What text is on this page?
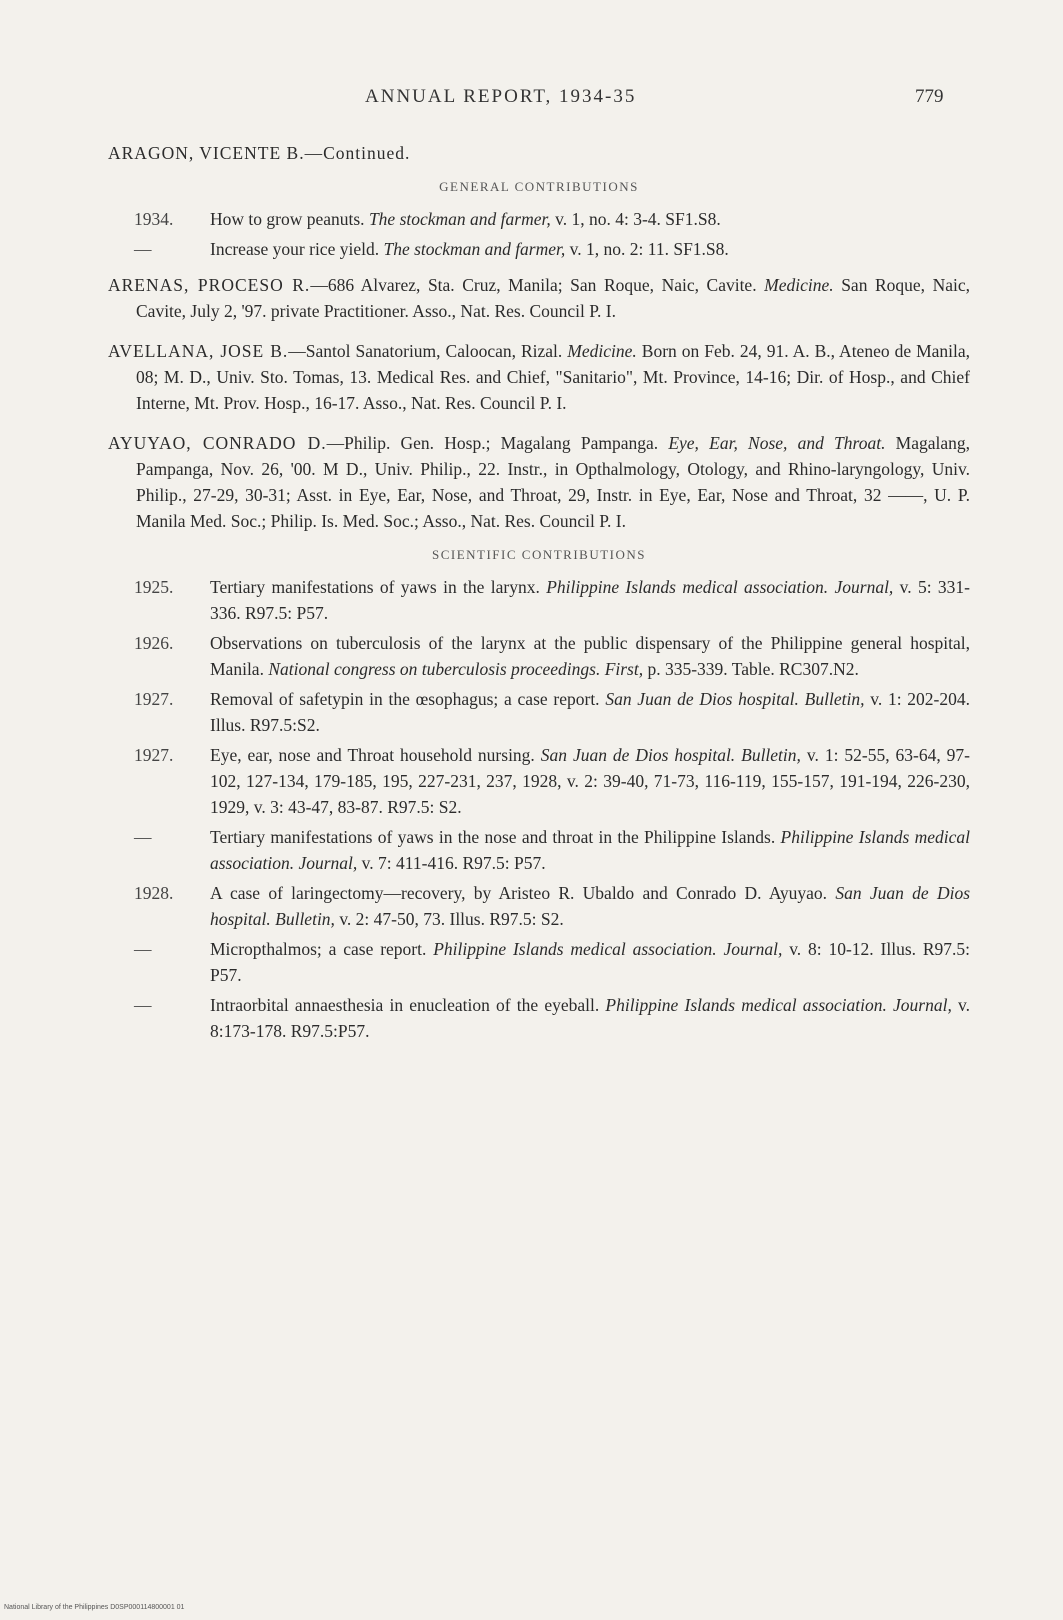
ANNUAL REPORT, 1934-35	779

ARAGON, VICENTE B.—Continued.

GENERAL CONTRIBUTIONS

1934.	How to grow peanuts. The stockman and farmer, v. 1, no. 4: 3-4. SF1.S8.

—	Increase your rice yield. The stockman and farmer, v. 1, no. 2: 11. SF1.S8.

ARENAS, PROCESO R.—686 Alvarez, Sta. Cruz, Manila; San Roque, Naic, Cavite. Medicine. San Roque, Naic, Cavite, July 2, '97. private Practitioner. Asso., Nat. Res. Council P. I.

AVELLANA, JOSE B.—Santol Sanatorium, Caloocan, Rizal. Medicine. Born on Feb. 24, 91. A. B., Ateneo de Manila, 08; M. D., Univ. Sto. Tomas, 13. Medical Res. and Chief, "Sanitario", Mt. Province, 14-16; Dir. of Hosp., and Chief Interne, Mt. Prov. Hosp., 16-17. Asso., Nat. Res. Council P. I.

AYUYAO, CONRADO D.—Philip. Gen. Hosp.; Magalang Pampanga. Eye, Ear, Nose, and Throat. Magalang, Pampanga, Nov. 26, '00. M D., Univ. Philip., 22. Instr., in Opthalmology, Otology, and Rhino-laryngology, Univ. Philip., 27-29, 30-31; Asst. in Eye, Ear, Nose, and Throat, 29, Instr. in Eye, Ear, Nose and Throat, 32 ——, U. P. Manila Med. Soc.; Philip. Is. Med. Soc.; Asso., Nat. Res. Council P. I.

SCIENTIFIC CONTRIBUTIONS

1925.	Tertiary manifestations of yaws in the larynx. Philippine Islands medical association. Journal, v. 5: 331-336. R97.5: P57.

1926.	Observations on tuberculosis of the larynx at the public dispensary of the Philippine general hospital, Manila. National congress on tuberculosis proceedings. First, p. 335-339. Table. RC307.N2.

1927.	Removal of safetypin in the œsophagus; a case report. San Juan de Dios hospital. Bulletin, v. 1: 202-204. Illus. R97.5:S2.

1927.	Eye, ear, nose and Throat household nursing. San Juan de Dios hospital. Bulletin, v. 1: 52-55, 63-64, 97-102, 127-134, 179-185, 195, 227-231, 237, 1928, v. 2: 39-40, 71-73, 116-119, 155-157, 191-194, 226-230, 1929, v. 3: 43-47, 83-87. R97.5: S2.

—	Tertiary manifestations of yaws in the nose and throat in the Philippine Islands. Philippine Islands medical association. Journal, v. 7: 411-416. R97.5: P57.

1928.	A case of laringectomy—recovery, by Aristeo R. Ubaldo and Conrado D. Ayuyao. San Juan de Dios hospital. Bulletin, v. 2: 47-50, 73. Illus. R97.5: S2.

—	Micropthalmos; a case report. Philippine Islands medical association. Journal, v. 8: 10-12. Illus. R97.5: P57.

—	Intraorbital annaesthesia in enucleation of the eyeball. Philippine Islands medical association. Journal, v. 8:173-178. R97.5:P57.

National Library of the Philippines D0SP000114800001 01
